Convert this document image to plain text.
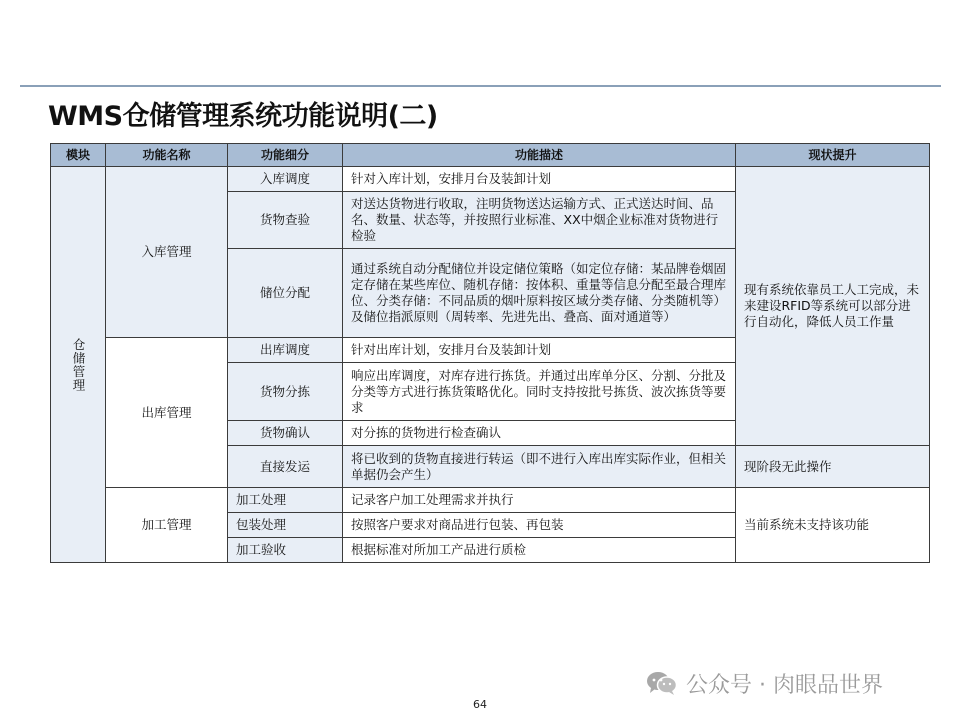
WMS仓储管理系统功能说明(二)
模块	功能名称	功能细分	功能描述	现状提升
仓储管理	入库管理	入库调度	针对入库计划，安排月台及装卸计划	现有系统依靠员工人工完成，未来建设RFID等系统可以部分进行自动化，降低人员工作量
		货物查验	对送达货物进行收取，注明货物送达运输方式、正式送达时间、品名、数量、状态等，并按照行业标准、XX中烟企业标准对货物进行检验	
		储位分配	通过系统自动分配储位并设定储位策略（如定位存储：某品牌卷烟固定存储在某些库位、随机存储：按体积、重量等信息分配至最合理库位、分类存储：不同品质的烟叶原料按区域分类存储、分类随机等）及储位指派原则（周转率、先进先出、叠高、面对通道等）	
	出库管理	出库调度	针对出库计划，安排月台及装卸计划	
		货物分拣	响应出库调度，对库存进行拣货。并通过出库单分区、分割、分批及分类等方式进行拣货策略优化。同时支持按批号拣货、波次拣货等要求	
		货物确认	对分拣的货物进行检查确认	
		直接发运	将已收到的货物直接进行转运（即不进行入库出库实际作业，但相关单据仍会产生）	现阶段无此操作
	加工管理	加工处理	记录客户加工处理需求并执行	当前系统未支持该功能
		包装处理	按照客户要求对商品进行包装、再包装	
		加工验收	根据标准对所加工产品进行质检	
公众号 · 肉眼品世界
64
